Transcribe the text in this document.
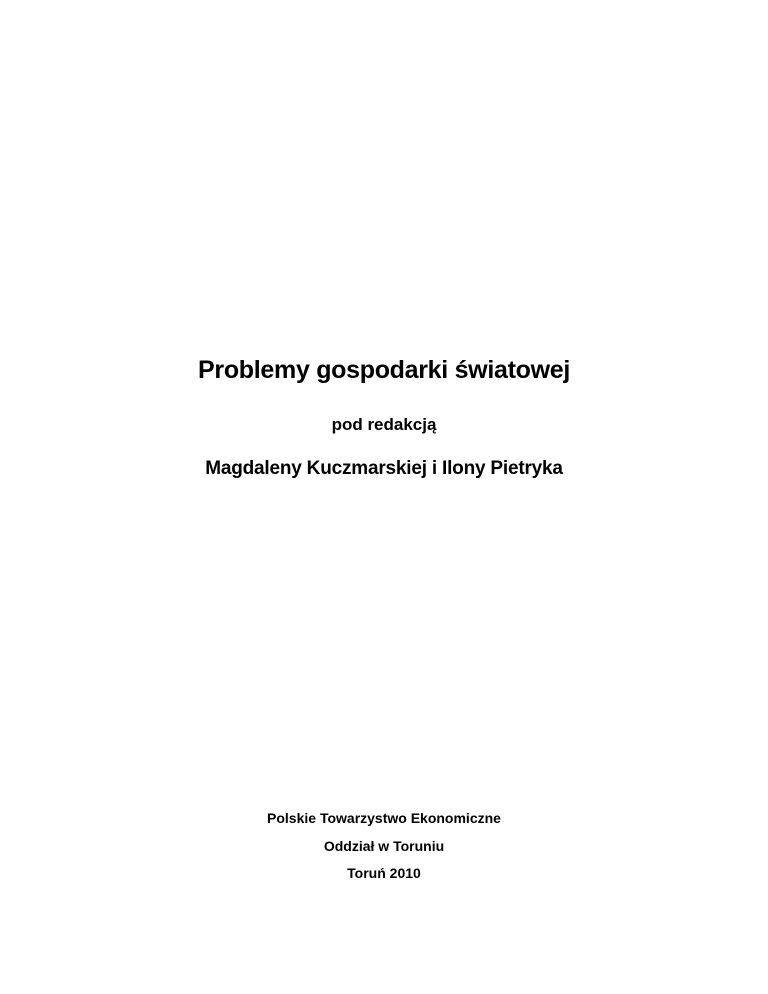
Problemy gospodarki światowej
pod redakcją
Magdaleny Kuczmarskiej i Ilony Pietryka
Polskie Towarzystwo Ekonomiczne
Oddział w Toruniu
Toruń 2010
